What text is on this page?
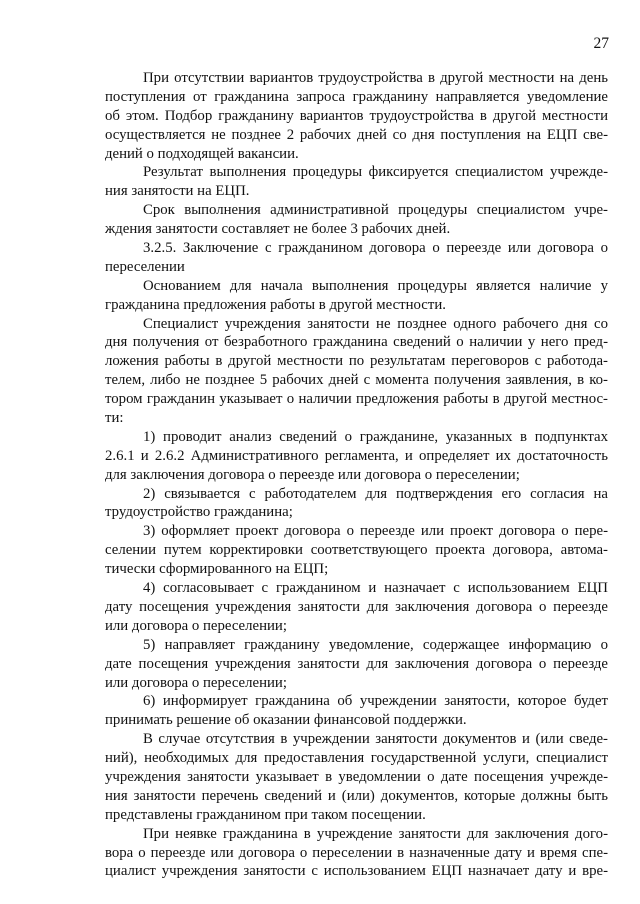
27

При отсутствии вариантов трудоустройства в другой местности на день
поступления от гражданина запроса гражданину направляется уведомление
об этом. Подбор гражданину вариантов трудоустройства в другой местности
осуществляется не позднее 2 рабочих дней со дня поступления на ЕЦП све-
дений о подходящей вакансии.

Результат выполнения процедуры фиксируется специалистом учрежде-
ния занятости на ЕЦП.

Срок выполнения административной процедуры специалистом учре-
ждения занятости составляет не более 3 рабочих дней.

3.2.5. Заключение с гражданином договора о переезде или договора о
переселении

Основанием для начала выполнения процедуры является наличие у
гражданина предложения работы в другой местности.

Специалист учреждения занятости не позднее одного рабочего дня со
дня получения от безработного гражданина сведений о наличии у него пред-
ложения работы в другой местности по результатам переговоров с работода-
телем, либо не позднее 5 рабочих дней с момента получения заявления, в ко-
тором гражданин указывает о наличии предложения работы в другой местнос-
ти:

1) проводит анализ сведений о гражданине, указанных в подпунктах
2.6.1 и 2.6.2 Административного регламента, и определяет их достаточность
для заключения договора о переезде или договора о переселении;

2) связывается с работодателем для подтверждения его согласия на
трудоустройство гражданина;

3) оформляет проект договора о переезде или проект договора о пере-
селении путем корректировки соответствующего проекта договора, автома-
тически сформированного на ЕЦП;

4) согласовывает с гражданином и назначает с использованием ЕЦП
дату посещения учреждения занятости для заключения договора о переезде
или договора о переселении;

5) направляет гражданину уведомление, содержащее информацию о
дате посещения учреждения занятости для заключения договора о переезде
или договора о переселении;

6) информирует гражданина об учреждении занятости, которое будет
принимать решение об оказании финансовой поддержки.

В случае отсутствия в учреждении занятости документов и (или сведе-
ний), необходимых для предоставления государственной услуги, специалист
учреждения занятости указывает в уведомлении о дате посещения учрежде-
ния занятости перечень сведений и (или) документов, которые должны быть
представлены гражданином при таком посещении.

При неявке гражданина в учреждение занятости для заключения дого-
вора о переезде или договора о переселении в назначенные дату и время спе-
циалист учреждения занятости с использованием ЕЦП назначает дату и вре-
